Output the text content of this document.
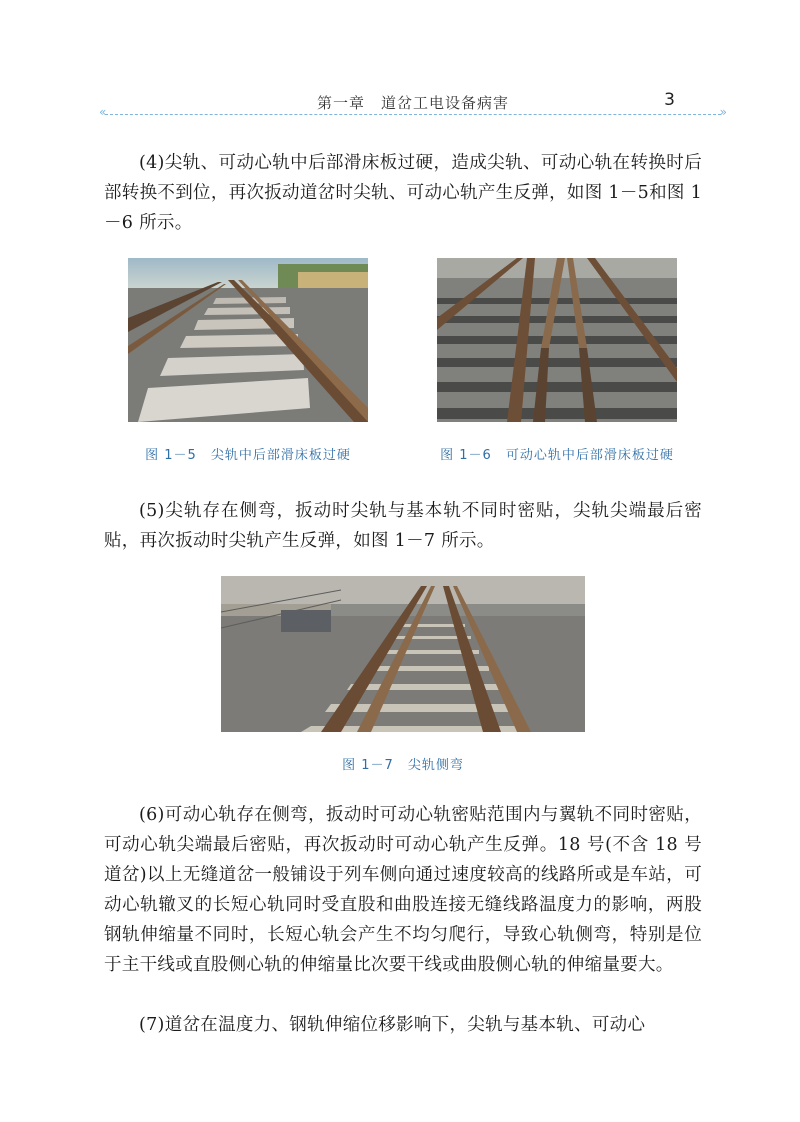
第一章　道岔工电设备病害	3
«	»

(4)尖轨、可动心轨中后部滑床板过硬，造成尖轨、可动心轨在转换时后部转换不到位，再次扳动道岔时尖轨、可动心轨产生反弹，如图 1－5和图 1－6 所示。

图 1－5　尖轨中后部滑床板过硬	图 1－6　可动心轨中后部滑床板过硬

(5)尖轨存在侧弯，扳动时尖轨与基本轨不同时密贴，尖轨尖端最后密贴，再次扳动时尖轨产生反弹，如图 1－7 所示。

图 1－7　尖轨侧弯

(6)可动心轨存在侧弯，扳动时可动心轨密贴范围内与翼轨不同时密贴，可动心轨尖端最后密贴，再次扳动时可动心轨产生反弹。18 号(不含 18 号道岔)以上无缝道岔一般铺设于列车侧向通过速度较高的线路所或是车站，可动心轨辙叉的长短心轨同时受直股和曲股连接无缝线路温度力的影响，两股钢轨伸缩量不同时，长短心轨会产生不均匀爬行，导致心轨侧弯，特别是位于主干线或直股侧心轨的伸缩量比次要干线或曲股侧心轨的伸缩量要大。

(7)道岔在温度力、钢轨伸缩位移影响下，尖轨与基本轨、可动心
